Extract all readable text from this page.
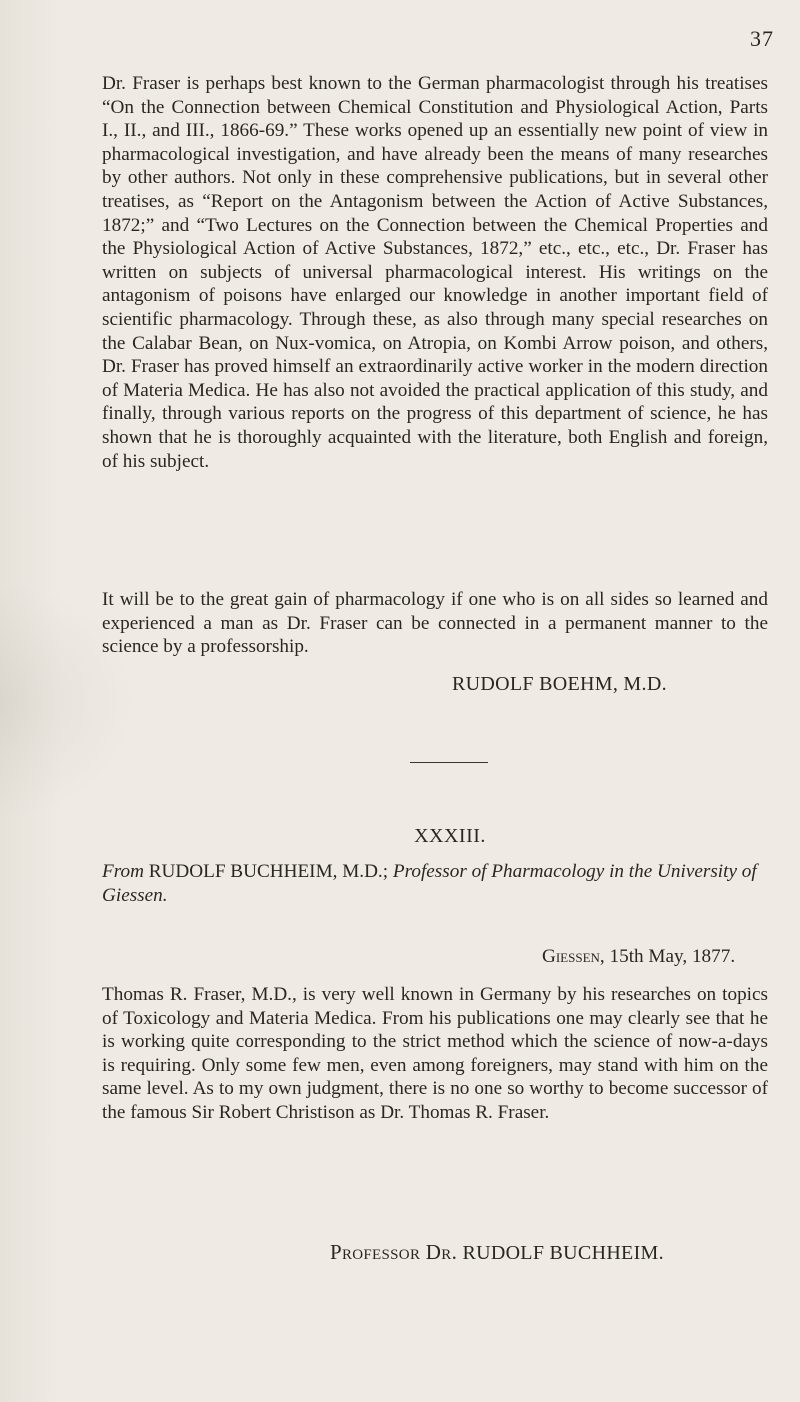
37

Dr. Fraser is perhaps best known to the German pharmacologist through his treatises “On the Connection between Chemical Constitution and Physiological Action, Parts I., II., and III., 1866-69.” These works opened up an essentially new point of view in pharmacological investigation, and have already been the means of many researches by other authors. Not only in these comprehensive publications, but in several other treatises, as “Report on the Antagonism between the Action of Active Substances, 1872;” and “Two Lectures on the Connection between the Chemical Properties and the Physiological Action of Active Substances, 1872,” etc., etc., etc., Dr. Fraser has written on subjects of universal pharmacological interest. His writings on the antagonism of poisons have enlarged our knowledge in another important field of scientific pharmacology. Through these, as also through many special researches on the Calabar Bean, on Nux-vomica, on Atropia, on Kombi Arrow poison, and others, Dr. Fraser has proved himself an extraordinarily active worker in the modern direction of Materia Medica. He has also not avoided the practical application of this study, and finally, through various reports on the progress of this department of science, he has shown that he is thoroughly acquainted with the literature, both English and foreign, of his subject.

It will be to the great gain of pharmacology if one who is on all sides so learned and experienced a man as Dr. Fraser can be connected in a permanent manner to the science by a professorship.

RUDOLF BOEHM, M.D.
XXXIII.
From RUDOLF BUCHHEIM, M.D.; Professor of Pharmacology in the University of Giessen.
Giessen, 15th May, 1877.

Thomas R. Fraser, M.D., is very well known in Germany by his researches on topics of Toxicology and Materia Medica. From his publications one may clearly see that he is working quite corresponding to the strict method which the science of now-a-days is requiring. Only some few men, even among foreigners, may stand with him on the same level. As to my own judgment, there is no one so worthy to become successor of the famous Sir Robert Christison as Dr. Thomas R. Fraser.

Professor Dr. RUDOLF BUCHHEIM.
